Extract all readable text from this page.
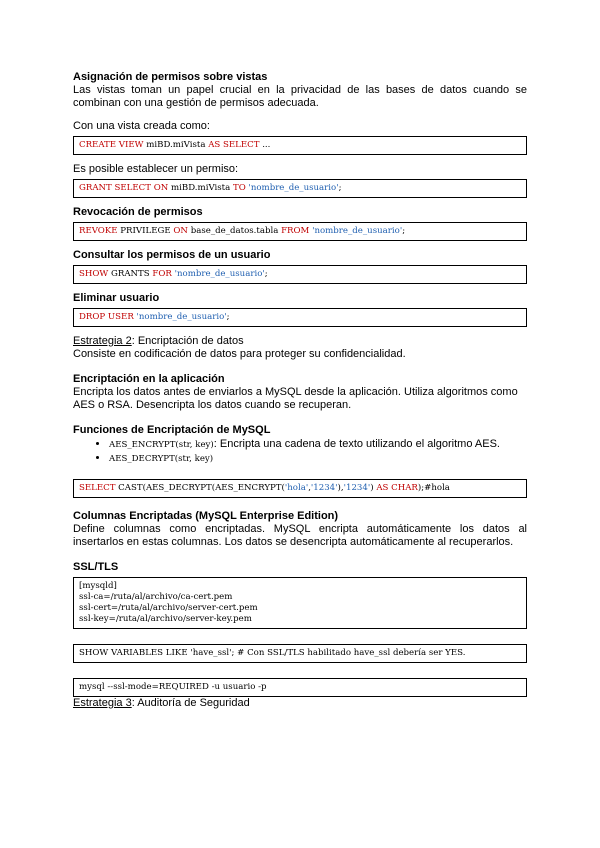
Asignación de permisos sobre vistas

Las vistas toman un papel crucial en la privacidad de las bases de datos cuando se combinan con una gestión de permisos adecuada.

Con una vista creada como:

CREATE VIEW miBD.miVista AS SELECT ...

Es posible establecer un permiso:

GRANT SELECT ON miBD.miVista TO 'nombre_de_usuario';

Revocación de permisos

REVOKE PRIVILEGE ON base_de_datos.tabla FROM 'nombre_de_usuario';

Consultar los permisos de un usuario

SHOW GRANTS FOR 'nombre_de_usuario';

Eliminar usuario

DROP USER 'nombre_de_usuario';

Estrategia 2: Encriptación de datos

Consiste en codificación de datos para proteger su confidencialidad.

Encriptación en la aplicación

Encripta los datos antes de enviarlos a MySQL desde la aplicación. Utiliza algoritmos como AES o RSA. Desencripta los datos cuando se recuperan.

Funciones de Encriptación de MySQL

• AES_ENCRYPT(str, key): Encripta una cadena de texto utilizando el algoritmo AES.
• AES_DECRYPT(str, key)
SELECT CAST(AES_DECRYPT(AES_ENCRYPT('hola','1234'),'1234') AS CHAR);#hola

Columnas Encriptadas (MySQL Enterprise Edition)

Define columnas como encriptadas. MySQL encripta automáticamente los datos al insertarlos en estas columnas. Los datos se desencripta automáticamente al recuperarlos.

SSL/TLS

[mysqld]
ssl-ca=/ruta/al/archivo/ca-cert.pem
ssl-cert=/ruta/al/archivo/server-cert.pem
ssl-key=/ruta/al/archivo/server-key.pem
SHOW VARIABLES LIKE 'have_ssl'; # Con SSL/TLS habilitado have_ssl debería ser YES.
mysql --ssl-mode=REQUIRED -u usuario -p

Estrategia 3: Auditoría de Seguridad
